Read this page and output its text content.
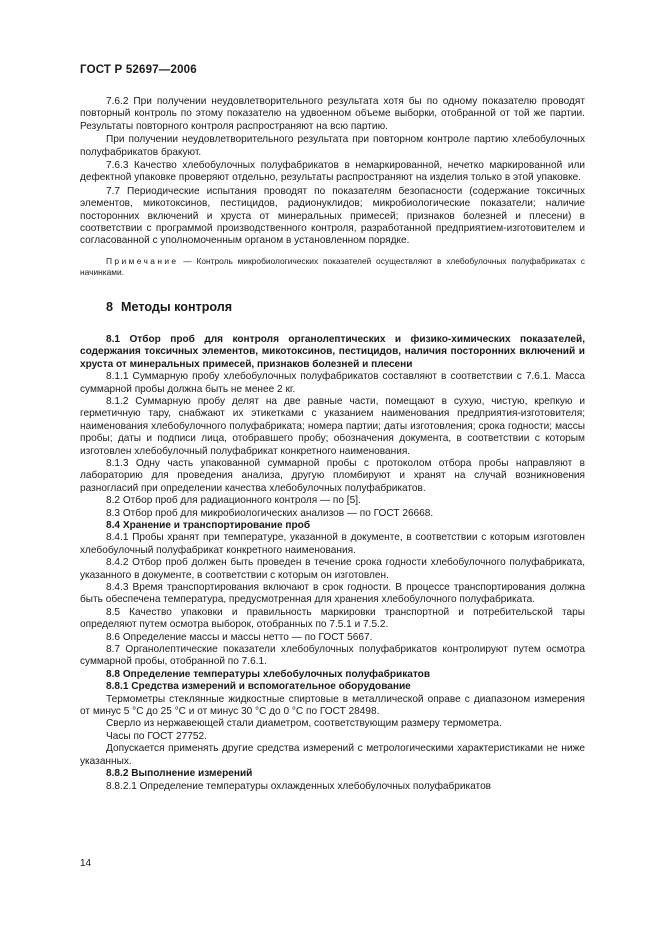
ГОСТ Р 52697—2006

7.6.2 При получении неудовлетворительного результата хотя бы по одному показателю проводят повторный контроль по этому показателю на удвоенном объеме выборки, отобранной от той же партии. Результаты повторного контроля распространяют на всю партию.

При получении неудовлетворительного результата при повторном контроле партию хлебобулочных полуфабрикатов бракуют.

7.6.3 Качество хлебобулочных полуфабрикатов в немаркированной, нечетко маркированной или дефектной упаковке проверяют отдельно, результаты распространяют на изделия только в этой упаковке.

7.7 Периодические испытания проводят по показателям безопасности (содержание токсичных элементов, микотоксинов, пестицидов, радионуклидов; микробиологические показатели; наличие посторонних включений и хруста от минеральных примесей; признаков болезней и плесени) в соответствии с программой производственного контроля, разработанной предприятием-изготовителем и согласованной с уполномоченным органом в установленном порядке.

Примечание — Контроль микробиологических показателей осуществляют в хлебобулочных полуфабрикатах с начинками.

8 Методы контроля

8.1 Отбор проб для контроля органолептических и физико-химических показателей, содержания токсичных элементов, микотоксинов, пестицидов, наличия посторонних включений и хруста от минеральных примесей, признаков болезней и плесени

8.1.1 Суммарную пробу хлебобулочных полуфабрикатов составляют в соответствии с 7.6.1. Масса суммарной пробы должна быть не менее 2 кг.

8.1.2 Суммарную пробу делят на две равные части, помещают в сухую, чистую, крепкую и герметичную тару, снабжают их этикетками с указанием наименования предприятия-изготовителя; наименования хлебобулочного полуфабриката; номера партии; даты изготовления; срока годности; массы пробы; даты и подписи лица, отобравшего пробу; обозначения документа, в соответствии с которым изготовлен хлебобулочный полуфабрикат конкретного наименования.

8.1.3 Одну часть упакованной суммарной пробы с протоколом отбора пробы направляют в лабораторию для проведения анализа, другую пломбируют и хранят на случай возникновения разногласий при определении качества хлебобулочных полуфабрикатов.

8.2 Отбор проб для радиационного контроля — по [5].

8.3 Отбор проб для микробиологических анализов — по ГОСТ 26668.

8.4 Хранение и транспортирование проб

8.4.1 Пробы хранят при температуре, указанной в документе, в соответствии с которым изготовлен хлебобулочный полуфабрикат конкретного наименования.

8.4.2 Отбор проб должен быть проведен в течение срока годности хлебобулочного полуфабриката, указанного в документе, в соответствии с которым он изготовлен.

8.4.3 Время транспортирования включают в срок годности. В процессе транспортирования должна быть обеспечена температура, предусмотренная для хранения хлебобулочного полуфабриката.

8.5 Качество упаковки и правильность маркировки транспортной и потребительской тары определяют путем осмотра выборок, отобранных по 7.5.1 и 7.5.2.

8.6 Определение массы и массы нетто — по ГОСТ 5667.

8.7 Органолептические показатели хлебобулочных полуфабрикатов контролируют путем осмотра суммарной пробы, отобранной по 7.6.1.

8.8 Определение температуры хлебобулочных полуфабрикатов

8.8.1 Средства измерений и вспомогательное оборудование

Термометры стеклянные жидкостные спиртовые в металлической оправе с диапазоном измерения от минус 5 °C до 25 °C и от минус 30 °C до 0 °C по ГОСТ 28498.

Сверло из нержавеющей стали диаметром, соответствующим размеру термометра.

Часы по ГОСТ 27752.

Допускается применять другие средства измерений с метрологическими характеристиками не ниже указанных.

8.8.2 Выполнение измерений

8.8.2.1 Определение температуры охлажденных хлебобулочных полуфабрикатов

14
